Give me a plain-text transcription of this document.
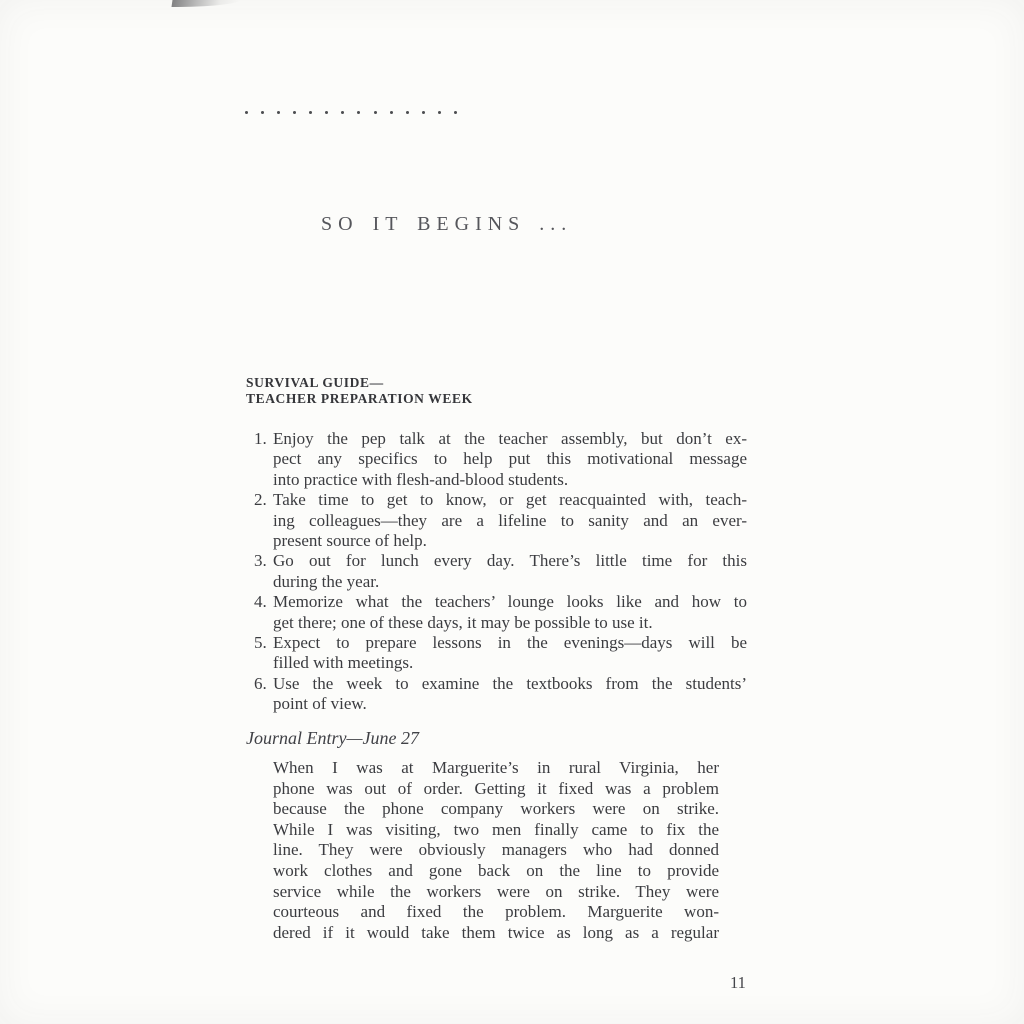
SO IT BEGINS ...
SURVIVAL GUIDE—
TEACHER PREPARATION WEEK
1. Enjoy the pep talk at the teacher assembly, but don’t ex-
pect any specifics to help put this motivational message
into practice with flesh-and-blood students.
2. Take time to get to know, or get reacquainted with, teach-
ing colleagues—they are a lifeline to sanity and an ever-
present source of help.
3. Go out for lunch every day. There’s little time for this
during the year.
4. Memorize what the teachers’ lounge looks like and how to
get there; one of these days, it may be possible to use it.
5. Expect to prepare lessons in the evenings—days will be
filled with meetings.
6. Use the week to examine the textbooks from the students’
point of view.
Journal Entry—June 27
When I was at Marguerite’s in rural Virginia, her
phone was out of order. Getting it fixed was a problem
because the phone company workers were on strike.
While I was visiting, two men finally came to fix the
line. They were obviously managers who had donned
work clothes and gone back on the line to provide
service while the workers were on strike. They were
courteous and fixed the problem. Marguerite won-
dered if it would take them twice as long as a regular
11
